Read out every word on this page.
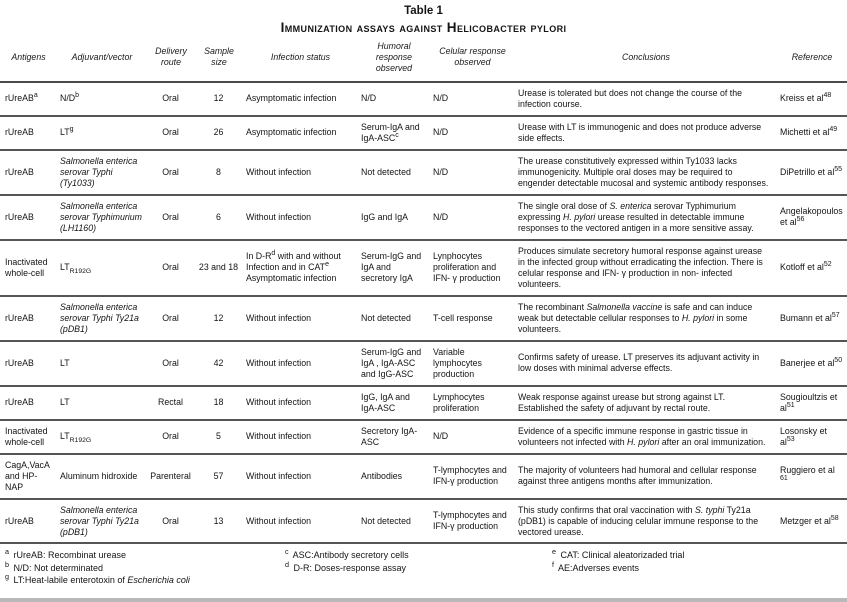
Table 1
Immunization assays against Helicobacter pylori
Antigens	Adjuvant/vector	Delivery route	Sample size	Infection status	Humoral response observed	Celular response observed	Conclusions	Reference
rUreAB$^a$	$N/D^b$	Oral	12	Asymptomatic infection	N/D	N/D	Urease is tolerated but does not change the course of the infection course.	Kreiss et $al^{48}$
rUreAB	$LT^g$	Oral	26	Asymptomatic infection	Serum-IgA and IgA-ASC$^c$	N/D	Urease with LT is immunogenic and does not produce adverse side effects.	Michetti et $al^{49}$
rUreAB	Salmonella enterica serovar Typhi (Ty1033)	Oral	8	Without infection	Not detected	N/D	The urease constitutively expressed within Ty1033 lacks immunogenicity. Multiple oral doses may be required to engender detectable mucosal and systemic antibody responses.	DiPetrillo et $al^{55}$
rUreAB	Salmonella enterica serovar Typhimurium (LH1160)	Oral	6	Without infection	IgG and IgA	N/D	The single oral dose of S. enterica serovar Typhimurium expressing H. pylori urease resulted in detectable immune responses to the vectored antigen in a more sensitive assay.	Angelakopoulos et $al^{56}$
Inactivated whole-cell	$LT_{R192G}$	Oral	23 and 18	In $D-R^d$ with and without Infection and in CAT$^e$ Asymptomatic infection	Serum-IgG and IgA and secretory IgA	Lynphocytes proliferation and IFN- γ production	Produces simulate secretory humoral response against urease in the infected group without erradicating the infection. There is celular response and IFN- γ production in non- infected volunteers.	Kotloff et $al^{52}$
rUreAB	Salmonella enterica serovar Typhi Ty21a (pDB1)	Oral	12	Without infection	Not detected	T-cell response	The recombinant Salmonella vaccine is safe and can induce weak but detectable cellular responses to H. pylori in some volunteers.	Bumann et $al^{57}$
rUreAB	LT	Oral	42	Without infection	Serum-IgG and IgA , IgA-ASC and IgG-ASC	Variable lymphocytes production	Confirms safety of urease. LT preserves its adjuvant activity in low doses with minimal adverse effects.	Banerjee et $al^{50}$
rUreAB	LT	Rectal	18	Without infection	IgG, IgA and IgA-ASC	Lymphocytes proliferation	Weak response against urease but strong against LT. Established the safety of adjuvant by rectal route.	Sougioultzis et $al^{51}$
Inactivated whole-cell	$LT_{R192G}$	Oral	5	Without infection	Secretory IgA-ASC	N/D	Evidence of a specific immune response in gastric tissue in volunteers not infected with H. pylori after an oral immunization.	Losonsky et $al^{53}$
CagA,VacA and HP-NAP	Aluminum hidroxide	Parenteral	57	Without infection	Antibodies	T-lymphocytes and IFN-γ production	The majority of volunteers had humoral and cellular response against three antigens months after immunization.	Ruggiero et al $^{61}$
rUreAB	Salmonella enterica serovar Typhi Ty21a (pDB1)	Oral	13	Without infection	Not detected	T-lymphocytes and IFN-γ production	This study confirms that oral vaccination with S. typhi Ty21a (pDB1) is capable of inducing celular immune response to the vectored urease.	Metzger et $al^{58}$
$^a$ rUreAB: Recombinat urease
$^b$ N/D: Not determinated
$^g$ LT:Heat-labile enterotoxin of Escherichia coli
$^c$ ASC:Antibody secretory cells
$^d$ D-R: Doses-response assay
$^e$ CAT: Clinical aleatorizaded trial
$^f$ AE:Adverses events
